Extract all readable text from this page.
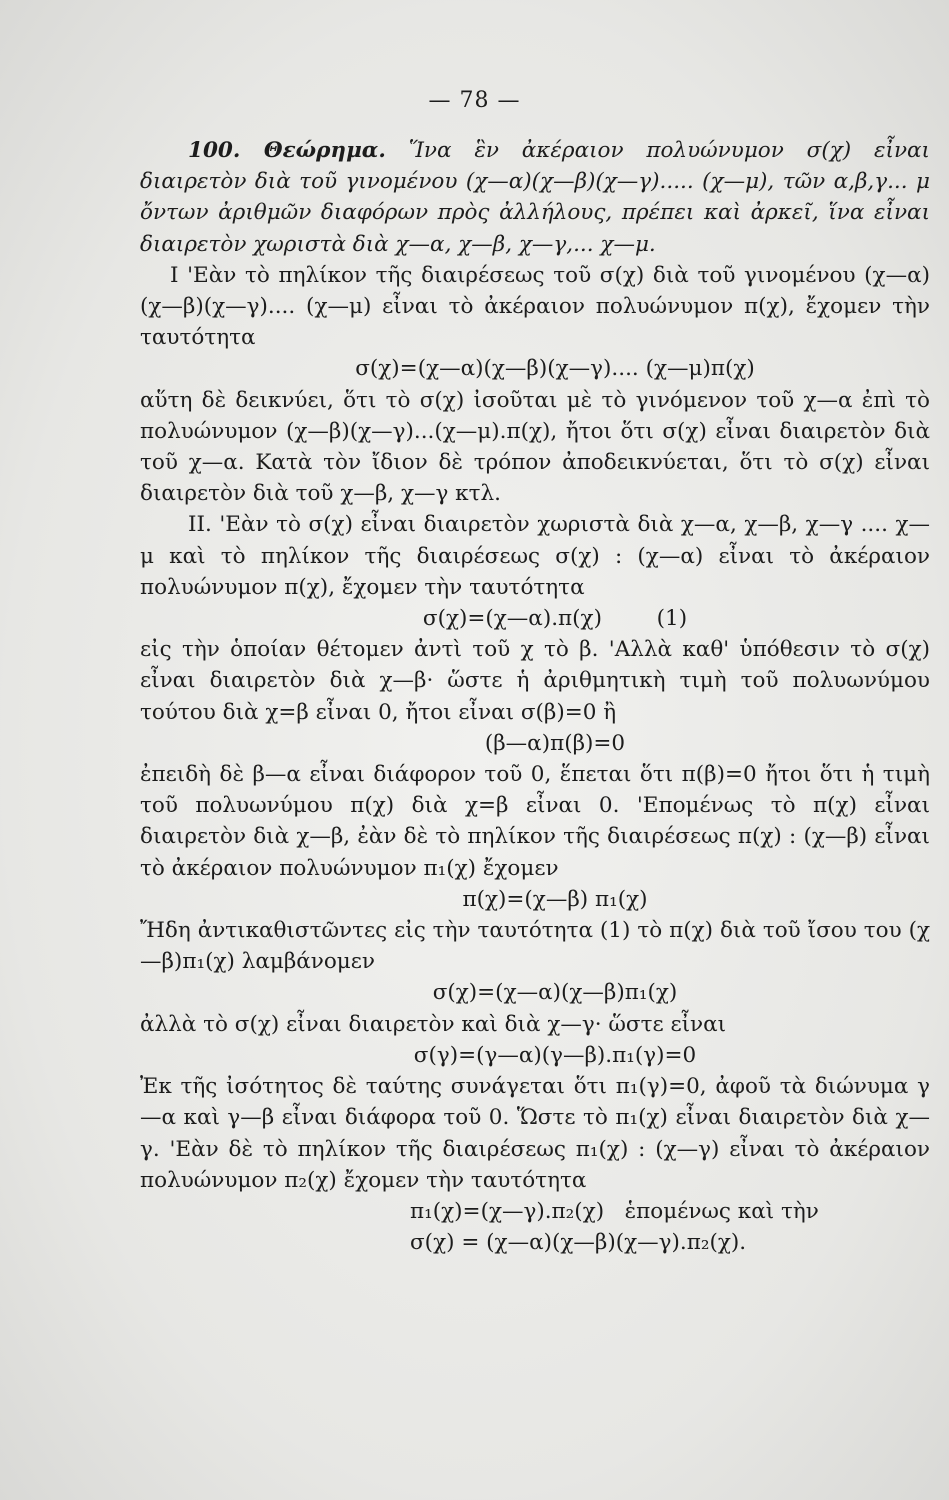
— 78 —

100. Θεώρημα. Ἵνα ἓν ἀκέραιον πολυώνυμον σ(χ) εἶναι διαιρετὸν διὰ τοῦ γινομένου (χ—α)(χ—β)(χ—γ)..... (χ—μ), τῶν α,β,γ... μ ὄντων ἀριθμῶν διαφόρων πρὸς ἀλλήλους, πρέπει καὶ ἀρκεῖ, ἵνα εἶναι διαιρετὸν χωριστὰ διὰ χ—α, χ—β, χ—γ,... χ—μ.

I 'Εὰν τὸ πηλίκον τῆς διαιρέσεως τοῦ σ(χ) διὰ τοῦ γινομένου (χ—α)(χ—β)(χ—γ).... (χ—μ) εἶναι τὸ ἀκέραιον πολυώνυμον π(χ), ἔχομεν τὴν ταυτότητα

σ(χ)=(χ—α)(χ—β)(χ—γ).... (χ—μ)π(χ)

αὕτη δὲ δεικνύει, ὅτι τὸ σ(χ) ἰσοῦται μὲ τὸ γινόμενον τοῦ χ—α ἐπὶ τὸ πολυώνυμον (χ—β)(χ—γ)...(χ—μ).π(χ), ἤτοι ὅτι σ(χ) εἶναι διαιρετὸν διὰ τοῦ χ—α. Κατὰ τὸν ἴδιον δὲ τρόπον ἀποδεικνύεται, ὅτι τὸ σ(χ) εἶναι διαιρετὸν διὰ τοῦ χ—β, χ—γ κτλ.

II. 'Εὰν τὸ σ(χ) εἶναι διαιρετὸν χωριστὰ διὰ χ—α, χ—β, χ—γ .... χ—μ καὶ τὸ πηλίκον τῆς διαιρέσεως σ(χ) : (χ—α) εἶναι τὸ ἀκέραιον πολυώνυμον π(χ), ἔχομεν τὴν ταυτότητα

σ(χ)=(χ—α).π(χ)        (1)

εἰς τὴν ὁποίαν θέτομεν ἀντὶ τοῦ χ τὸ β. 'Αλλὰ καθ' ὑπόθεσιν τὸ σ(χ) εἶναι διαιρετὸν διὰ χ—β· ὥστε ἡ ἀριθμητικὴ τιμὴ τοῦ πολυωνύμου τούτου διὰ χ=β εἶναι 0, ἤτοι εἶναι σ(β)=0 ἢ

(β—α)π(β)=0

ἐπειδὴ δὲ β—α εἶναι διάφορον τοῦ 0, ἕπεται ὅτι π(β)=0 ἤτοι ὅτι ἡ τιμὴ τοῦ πολυωνύμου π(χ) διὰ χ=β εἶναι 0. 'Επομένως τὸ π(χ) εἶναι διαιρετὸν διὰ χ—β, ἐὰν δὲ τὸ πηλίκον τῆς διαιρέσεως π(χ) : (χ—β) εἶναι τὸ ἀκέραιον πολυώνυμον π₁(χ) ἔχομεν

π(χ)=(χ—β) π₁(χ)

Ἤδη ἀντικαθιστῶντες εἰς τὴν ταυτότητα (1) τὸ π(χ) διὰ τοῦ ἴσου του (χ—β)π₁(χ) λαμβάνομεν

σ(χ)=(χ—α)(χ—β)π₁(χ)

ἀλλὰ τὸ σ(χ) εἶναι διαιρετὸν καὶ διὰ χ—γ· ὥστε εἶναι

σ(γ)=(γ—α)(γ—β).π₁(γ)=0

Ἐκ τῆς ἰσότητος δὲ ταύτης συνάγεται ὅτι π₁(γ)=0, ἀφοῦ τὰ διώνυμα γ—α καὶ γ—β εἶναι διάφορα τοῦ 0. Ὥστε τὸ π₁(χ) εἶναι διαιρετὸν διὰ χ—γ. 'Εὰν δὲ τὸ πηλίκον τῆς διαιρέσεως π₁(χ) : (χ—γ) εἶναι τὸ ἀκέραιον πολυώνυμον π₂(χ) ἔχομεν τὴν ταυτότητα

π₁(χ)=(χ—γ).π₂(χ)   ἑπομένως καὶ τὴν

σ(χ) = (χ—α)(χ—β)(χ—γ).π₂(χ).
